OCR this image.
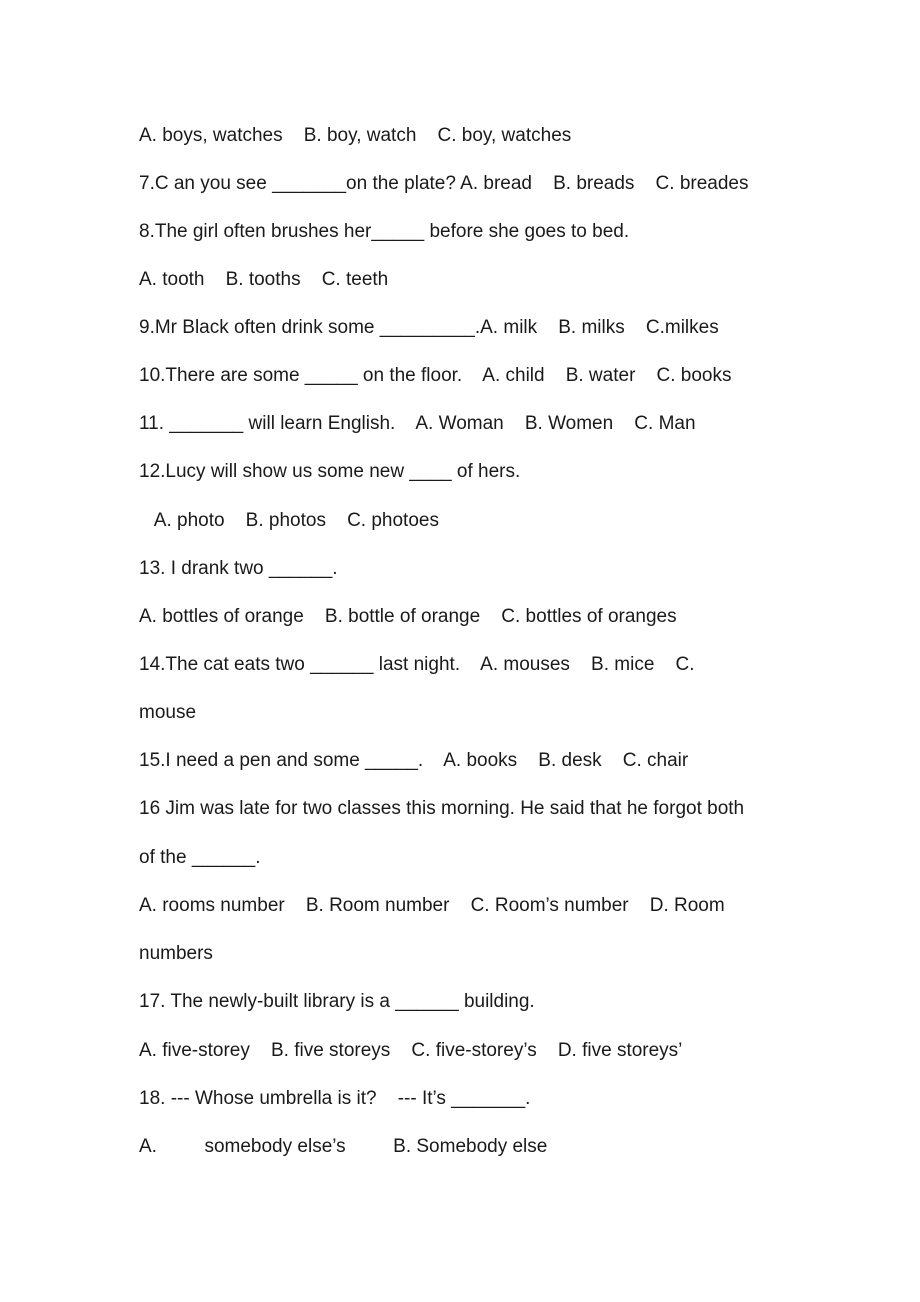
A. boys, watches    B. boy, watch    C. boy, watches
7.C an you see _______on the plate? A. bread    B. breads    C. breades
8.The girl often brushes her_____ before she goes to bed.
A. tooth    B. tooths    C. teeth
9.Mr Black often drink some _________.A. milk    B. milks    C.milkes
10.There are some _____ on the floor.    A. child    B. water    C. books
11. _______ will learn English.    A. Woman    B. Women    C. Man
12.Lucy will show us some new ____ of hers.
A. photo    B. photos    C. photoes
13. I drank two ______.
A. bottles of orange    B. bottle of orange    C. bottles of oranges
14.The cat eats two ______ last night.    A. mouses    B. mice    C.
mouse
15.I need a pen and some _____.    A. books    B. desk    C. chair
16 Jim was late for two classes this morning. He said that he forgot both
of the ______.
A. rooms number    B. Room number    C. Room’s number    D. Room
numbers
17. The newly-built library is a ______ building.
A. five-storey    B. five storeys    C. five-storey’s    D. five storeys’
18. --- Whose umbrella is it?    --- It’s _______.
A.         somebody else’s         B. Somebody else
